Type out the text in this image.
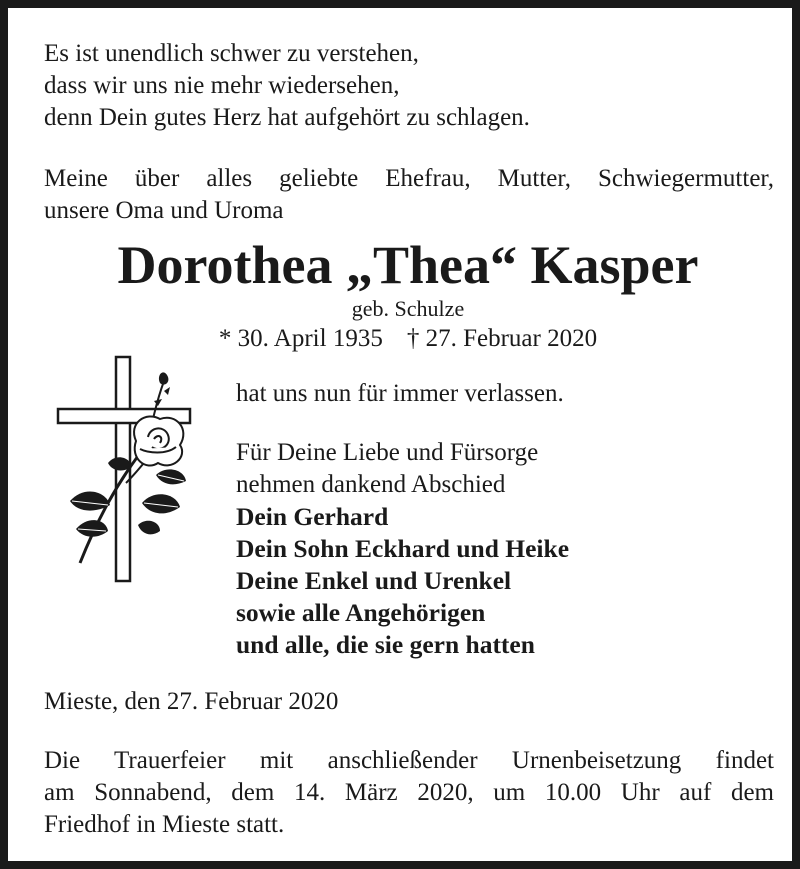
Es ist unendlich schwer zu verstehen,

dass wir uns nie mehr wiedersehen,

denn Dein gutes Herz hat aufgehört zu schlagen.

Meine über alles geliebte Ehefrau, Mutter, Schwiegermutter,

unsere Oma und Uroma

Dorothea „Thea“ Kasper
geb. Schulze
* 30. April 1935 † 27. Februar 2020

hat uns nun für immer verlassen.

Für Deine Liebe und Fürsorge

nehmen dankend Abschied

Dein Gerhard

Dein Sohn Eckhard und Heike

Deine Enkel und Urenkel

sowie alle Angehörigen

und alle, die sie gern hatten

Mieste, den 27. Februar 2020

Die Trauerfeier mit anschließender Urnenbeisetzung findet

am Sonnabend, dem 14. März 2020, um 10.00 Uhr auf dem

Friedhof in Mieste statt.
